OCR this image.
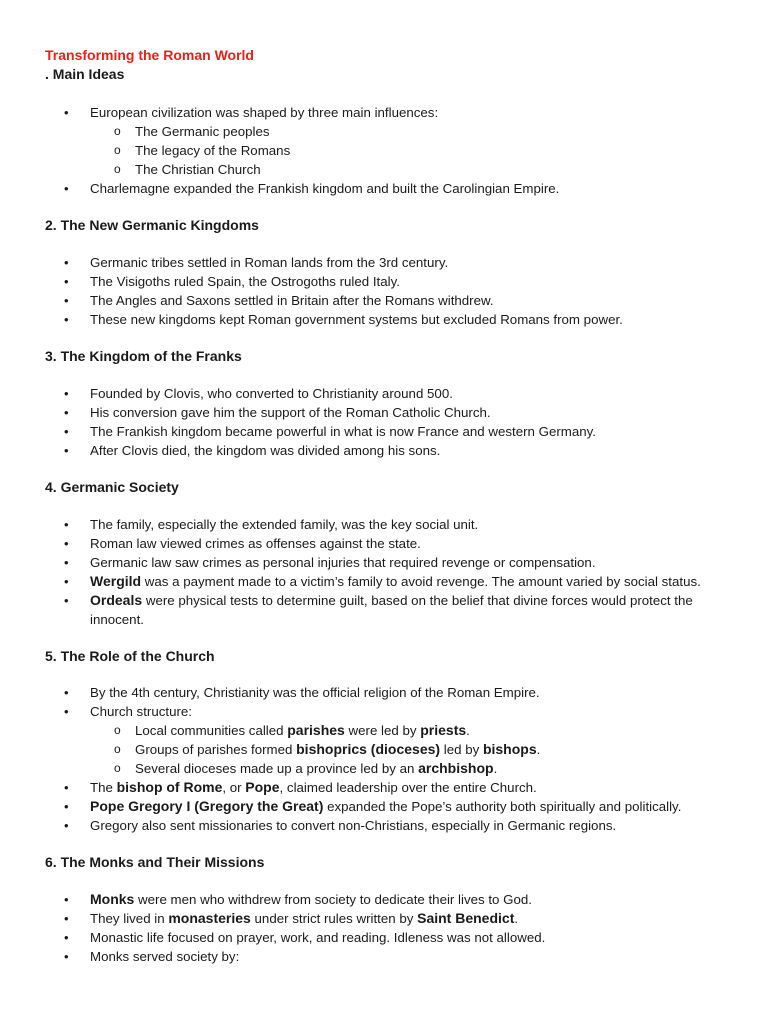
Transforming the Roman World
. Main Ideas
• European civilization was shaped by three main influences:
o The Germanic peoples
o The legacy of the Romans
o The Christian Church
• Charlemagne expanded the Frankish kingdom and built the Carolingian Empire.
2. The New Germanic Kingdoms
• Germanic tribes settled in Roman lands from the 3rd century.
• The Visigoths ruled Spain, the Ostrogoths ruled Italy.
• The Angles and Saxons settled in Britain after the Romans withdrew.
• These new kingdoms kept Roman government systems but excluded Romans from power.
3. The Kingdom of the Franks
• Founded by Clovis, who converted to Christianity around 500.
• His conversion gave him the support of the Roman Catholic Church.
• The Frankish kingdom became powerful in what is now France and western Germany.
• After Clovis died, the kingdom was divided among his sons.
4. Germanic Society
• The family, especially the extended family, was the key social unit.
• Roman law viewed crimes as offenses against the state.
• Germanic law saw crimes as personal injuries that required revenge or compensation.
• Wergild was a payment made to a victim’s family to avoid revenge. The amount varied by social status.
• Ordeals were physical tests to determine guilt, based on the belief that divine forces would protect the innocent.
5. The Role of the Church
• By the 4th century, Christianity was the official religion of the Roman Empire.
• Church structure:
o Local communities called parishes were led by priests.
o Groups of parishes formed bishoprics (dioceses) led by bishops.
o Several dioceses made up a province led by an archbishop.
• The bishop of Rome, or Pope, claimed leadership over the entire Church.
• Pope Gregory I (Gregory the Great) expanded the Pope’s authority both spiritually and politically.
• Gregory also sent missionaries to convert non-Christians, especially in Germanic regions.
6. The Monks and Their Missions
• Monks were men who withdrew from society to dedicate their lives to God.
• They lived in monasteries under strict rules written by Saint Benedict.
• Monastic life focused on prayer, work, and reading. Idleness was not allowed.
• Monks served society by:
